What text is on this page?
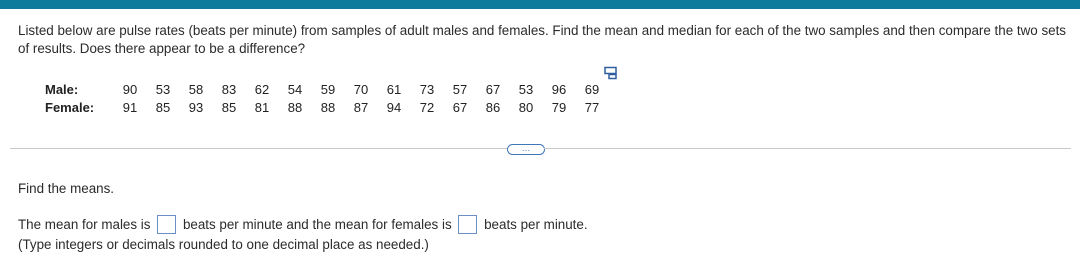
Listed below are pulse rates (beats per minute) from samples of adult males and females. Find the mean and median for each of the two samples and then compare the two sets of results. Does there appear to be a difference?
Male:	90	53	58	83	62	54	59	70	61	73	57	67	53	96	69
Female:	91	85	93	85	81	88	88	87	94	72	67	86	80	79	77
…
Find the means.
The mean for males is beats per minute and the mean for females is beats per minute.
(Type integers or decimals rounded to one decimal place as needed.)
